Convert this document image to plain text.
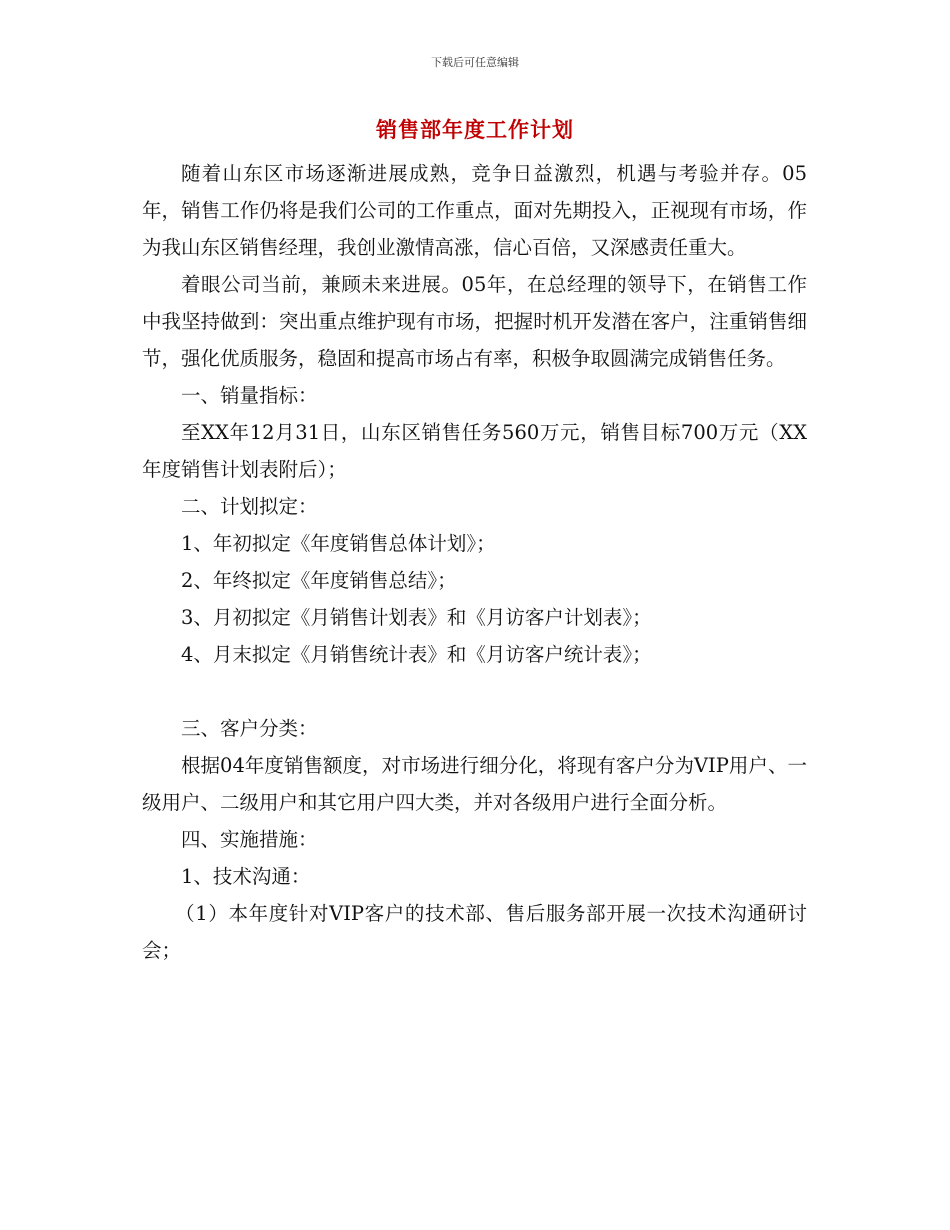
下载后可任意编辑
销售部年度工作计划

随着山东区市场逐渐进展成熟，竞争日益激烈，机遇与考验并存。05年，销售工作仍将是我们公司的工作重点，面对先期投入，正视现有市场，作为我山东区销售经理，我创业激情高涨，信心百倍，又深感责任重大。

着眼公司当前，兼顾未来进展。05年，在总经理的领导下，在销售工作中我坚持做到：突出重点维护现有市场，把握时机开发潜在客户，注重销售细节，强化优质服务，稳固和提高市场占有率，积极争取圆满完成销售任务。

一、销量指标：

至XX年12月31日，山东区销售任务560万元，销售目标700万元（XX年度销售计划表附后）；

二、计划拟定：

1、年初拟定《年度销售总体计划》；

2、年终拟定《年度销售总结》；

3、月初拟定《月销售计划表》和《月访客户计划表》；

4、月末拟定《月销售统计表》和《月访客户统计表》；

三、客户分类：

根据04年度销售额度，对市场进行细分化，将现有客户分为VIP用户、一级用户、二级用户和其它用户四大类，并对各级用户进行全面分析。

四、实施措施：

1、技术沟通：

（1）本年度针对VIP客户的技术部、售后服务部开展一次技术沟通研讨会；
